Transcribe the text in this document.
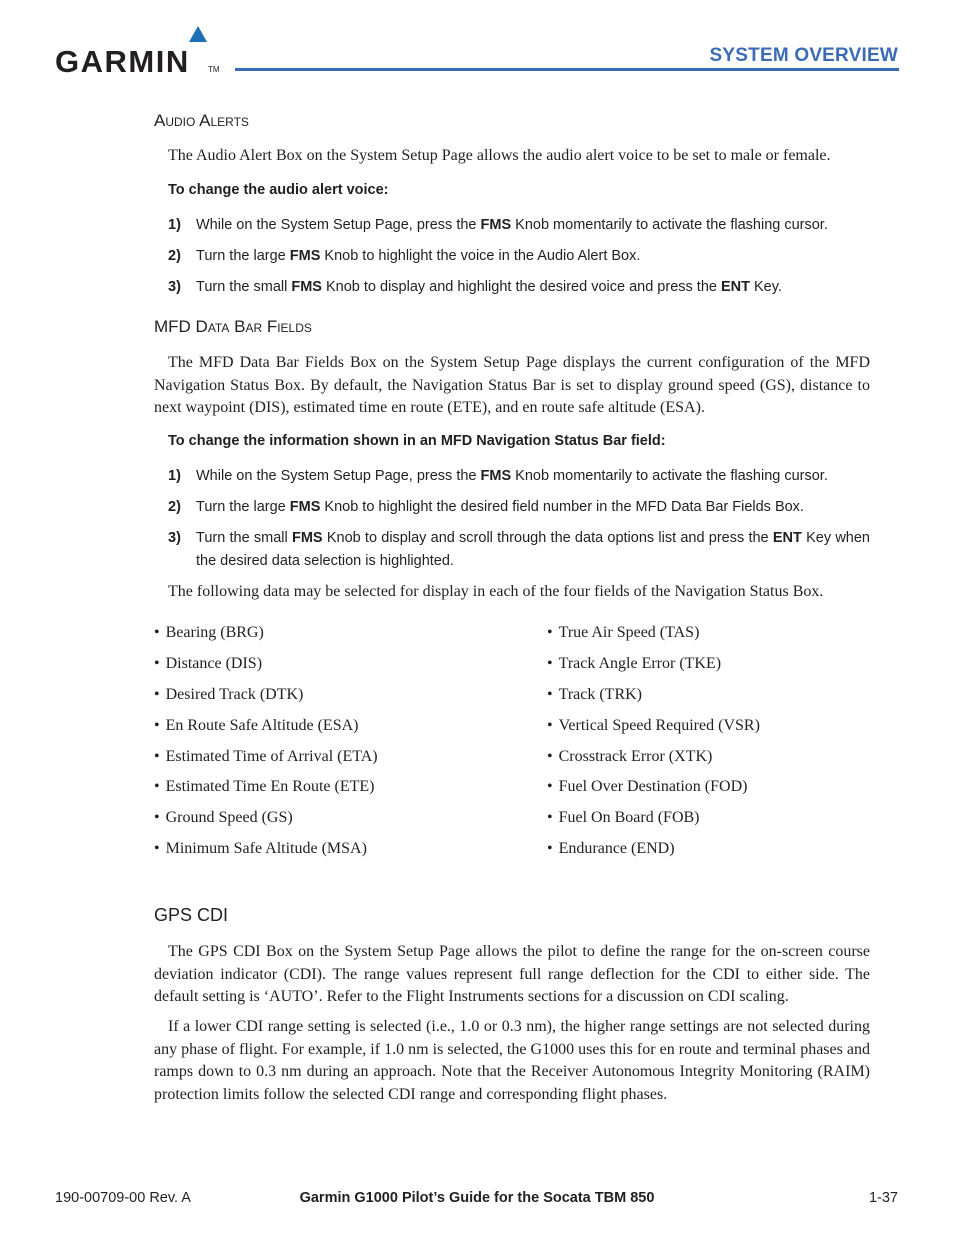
GARMIN TM
SYSTEM OVERVIEW
Audio Alerts
The Audio Alert Box on the System Setup Page allows the audio alert voice to be set to male or female.
To change the audio alert voice:
1) While on the System Setup Page, press the FMS Knob momentarily to activate the flashing cursor.
2) Turn the large FMS Knob to highlight the voice in the Audio Alert Box.
3) Turn the small FMS Knob to display and highlight the desired voice and press the ENT Key.
MFD Data Bar Fields
The MFD Data Bar Fields Box on the System Setup Page displays the current configuration of the MFD Navigation Status Box. By default, the Navigation Status Bar is set to display ground speed (GS), distance to next waypoint (DIS), estimated time en route (ETE), and en route safe altitude (ESA).
To change the information shown in an MFD Navigation Status Bar field:
1) While on the System Setup Page, press the FMS Knob momentarily to activate the flashing cursor.
2) Turn the large FMS Knob to highlight the desired field number in the MFD Data Bar Fields Box.
3) Turn the small FMS Knob to display and scroll through the data options list and press the ENT Key when the desired data selection is highlighted.
The following data may be selected for display in each of the four fields of the Navigation Status Box.
• Bearing (BRG)
• Distance (DIS)
• Desired Track (DTK)
• En Route Safe Altitude (ESA)
• Estimated Time of Arrival (ETA)
• Estimated Time En Route (ETE)
• Ground Speed (GS)
• Minimum Safe Altitude (MSA)
• True Air Speed (TAS)
• Track Angle Error (TKE)
• Track (TRK)
• Vertical Speed Required (VSR)
• Crosstrack Error (XTK)
• Fuel Over Destination (FOD)
• Fuel On Board (FOB)
• Endurance (END)
GPS CDI
The GPS CDI Box on the System Setup Page allows the pilot to define the range for the on-screen course deviation indicator (CDI). The range values represent full range deflection for the CDI to either side. The default setting is ‘AUTO’. Refer to the Flight Instruments sections for a discussion on CDI scaling.
If a lower CDI range setting is selected (i.e., 1.0 or 0.3 nm), the higher range settings are not selected during any phase of flight. For example, if 1.0 nm is selected, the G1000 uses this for en route and terminal phases and ramps down to 0.3 nm during an approach. Note that the Receiver Autonomous Integrity Monitoring (RAIM) protection limits follow the selected CDI range and corresponding flight phases.
190-00709-00 Rev. A	Garmin G1000 Pilot’s Guide for the Socata TBM 850	1-37
